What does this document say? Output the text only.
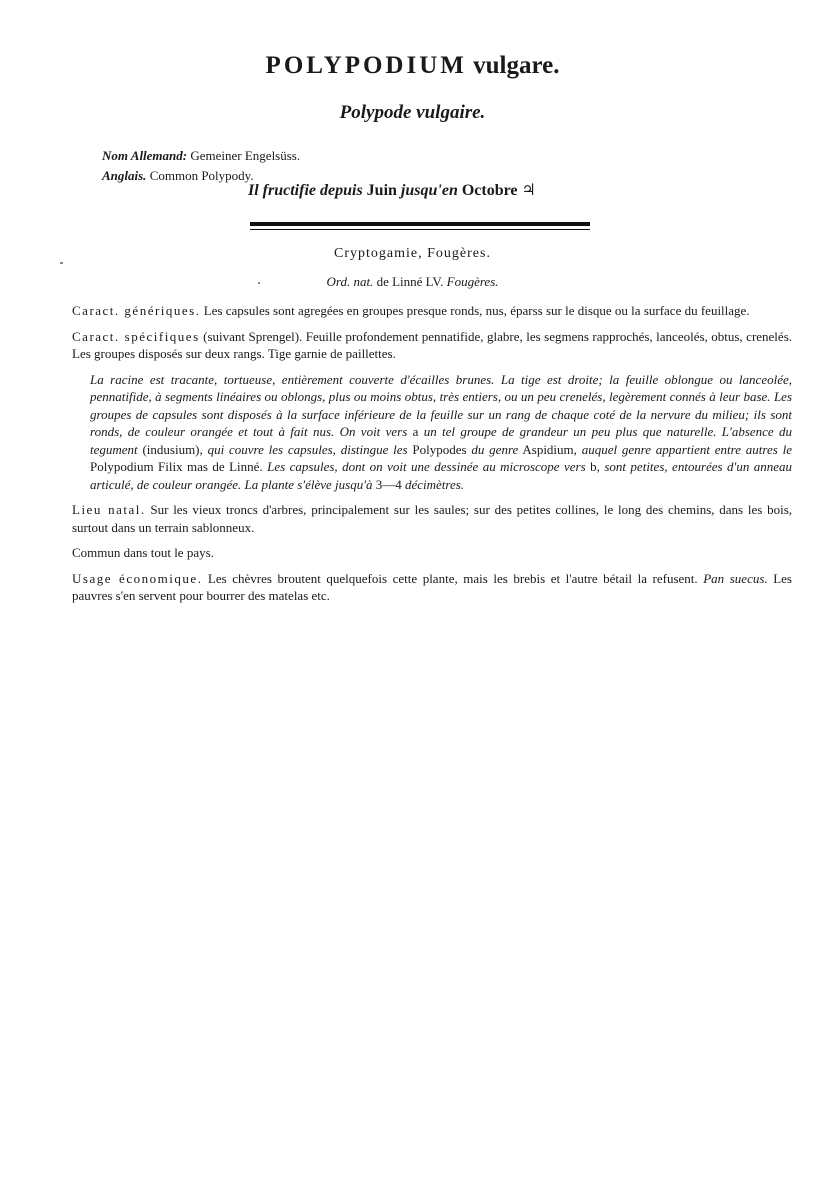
POLYPODIUM vulgare.
Polypode vulgaire.
Nom Allemand: Gemeiner Engelsüss.
Anglais. Common Polypody.
Il fructifie depuis Juin jusqu'en Octobre ♃
Cryptogamie, Fougères.
Ord. nat. de Linné LV. Fougères.

Caract. génériques. Les capsules sont agregées en groupes presque ronds, nus, éparss sur le disque ou la surface du feuillage.

Caract. spécifiques (suivant Sprengel). Feuille profondement pennatifide, glabre, les segmens rapprochés, lanceolés, obtus, crenelés. Les groupes disposés sur deux rangs. Tige garnie de paillettes.

La racine est tracante, tortueuse, entièrement couverte d'écailles brunes. La tige est droite; la feuille oblongue ou lanceolée, pennatifide, à segments linéaires ou oblongs, plus ou moins obtus, très entiers, ou un peu crenelés, legèrement connés à leur base. Les groupes de capsules sont disposés à la surface inférieure de la feuille sur un rang de chaque coté de la nervure du milieu; ils sont ronds, de couleur orangée et tout à fait nus. On voit vers a un tel groupe de grandeur un peu plus que naturelle. L'absence du tegument (indusium), qui couvre les capsules, distingue les Polypodes du genre Aspidium, auquel genre appartient entre autres le Polypodium Filix mas de Linné. Les capsules, dont on voit une dessinée au microscope vers b, sont petites, entourées d'un anneau articulé, de couleur orangée. La plante s'élève jusqu'à 3—4 décimètres.

Lieu natal. Sur les vieux troncs d'arbres, principalement sur les saules; sur des petites collines, le long des chemins, dans les bois, surtout dans un terrain sablonneux.

Commun dans tout le pays.

Usage économique. Les chèvres broutent quelquefois cette plante, mais les brebis et l'autre bétail la refusent. Pan suecus. Les pauvres s'en servent pour bourrer des matelas etc.
